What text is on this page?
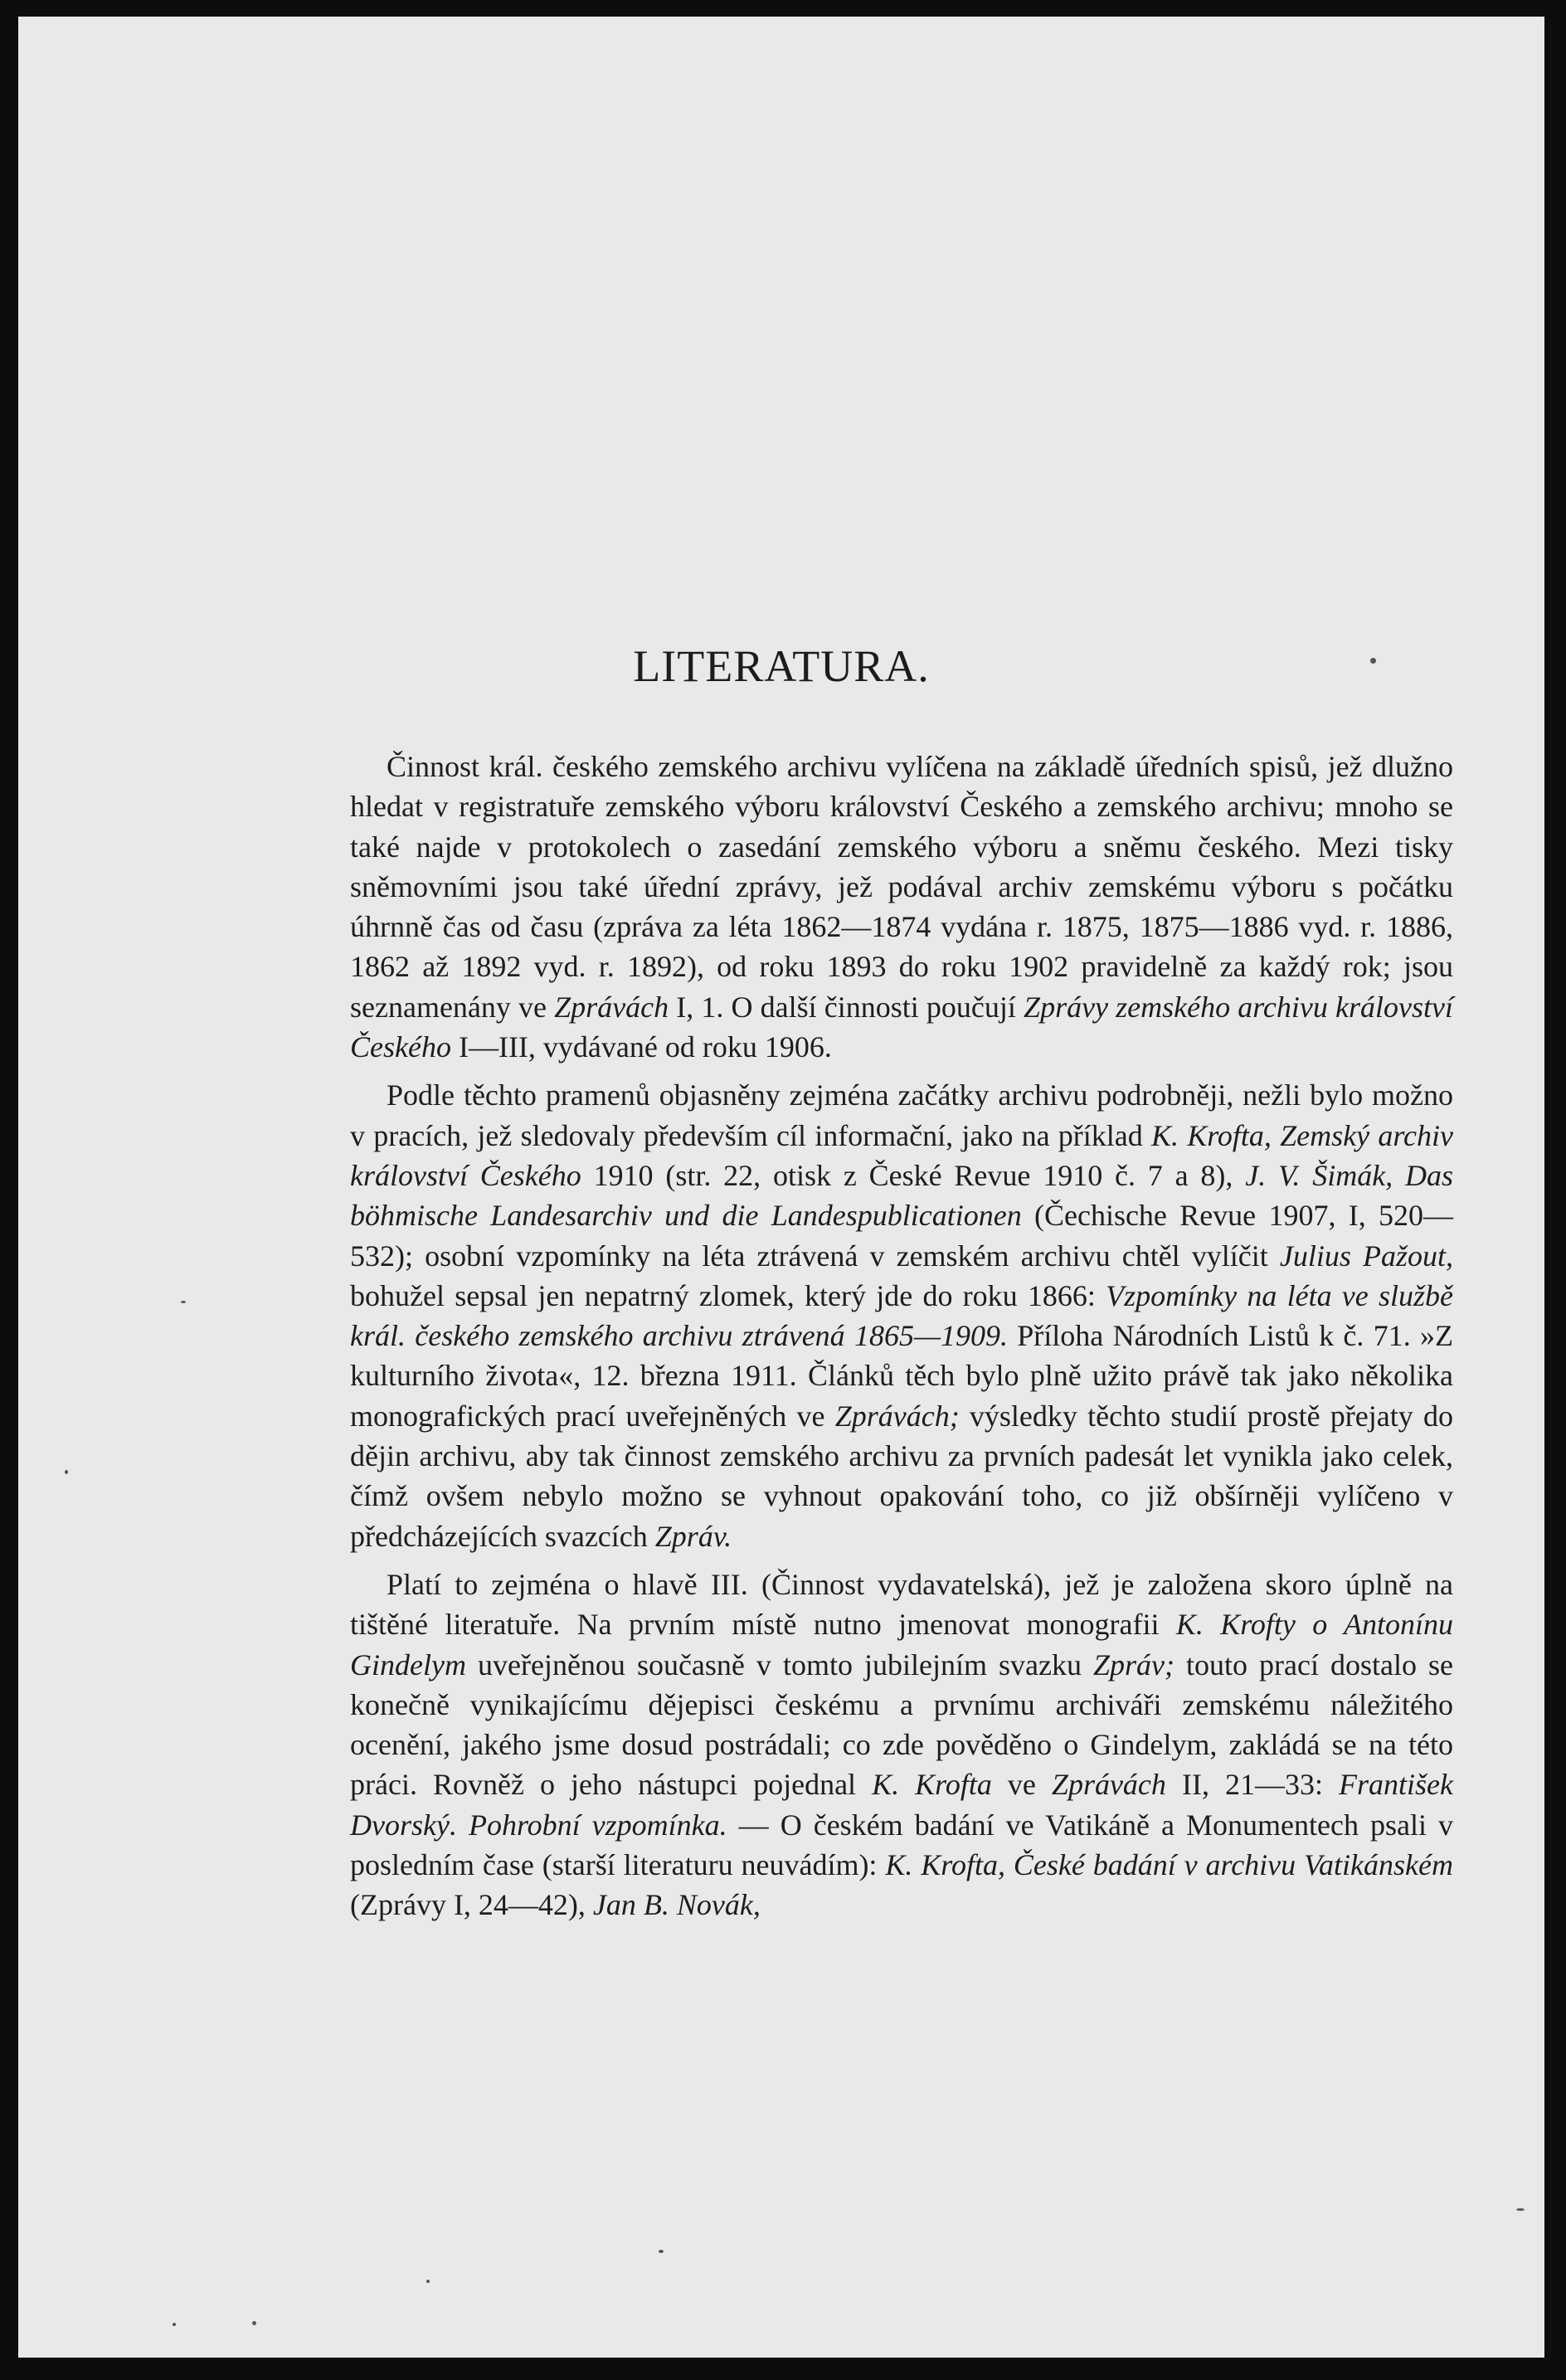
LITERATURA.

Činnost král. českého zemského archivu vylíčena na základě úředních spisů, jež dlužno hledat v registratuře zemského výboru království Českého a zemského archivu; mnoho se také najde v protokolech o zasedání zemského výboru a sněmu českého. Mezi tisky sněmovními jsou také úřední zprávy, jež podával archiv zemskému výboru s počátku úhrnně čas od času (zpráva za léta 1862—1874 vydána r. 1875, 1875—1886 vyd. r. 1886, 1862 až 1892 vyd. r. 1892), od roku 1893 do roku 1902 pravidelně za každý rok; jsou seznamenány ve Zprávách I, 1. O další činnosti poučují Zprávy zemského archivu království Českého I—III, vydávané od roku 1906.

Podle těchto pramenů objasněny zejména začátky archivu podrobněji, nežli bylo možno v pracích, jež sledovaly především cíl informační, jako na příklad K. Krofta, Zemský archiv království Českého 1910 (str. 22, otisk z České Revue 1910 č. 7 a 8), J. V. Šimák, Das böhmische Landesarchiv und die Landespublicationen (Čechische Revue 1907, I, 520—532); osobní vzpomínky na léta ztrávená v zemském archivu chtěl vylíčit Julius Pažout, bohužel sepsal jen nepatrný zlomek, který jde do roku 1866: Vzpomínky na léta ve službě král. českého zemského archivu ztrávená 1865—1909. Příloha Národních Listů k č. 71. »Z kulturního života«, 12. března 1911. Článků těch bylo plně užito právě tak jako několika monografických prací uveřejněných ve Zprávách; výsledky těchto studií prostě přejaty do dějin archivu, aby tak činnost zemského archivu za prvních padesát let vynikla jako celek, čímž ovšem nebylo možno se vyhnout opakování toho, co již obšírněji vylíčeno v předcházejících svazcích Zpráv.

Platí to zejména o hlavě III. (Činnost vydavatelská), jež je založena skoro úplně na tištěné literatuře. Na prvním místě nutno jmenovat monografii K. Krofty o Antonínu Gindelym uveřejněnou současně v tomto jubilejním svazku Zpráv; touto prací dostalo se konečně vynikajícímu dějepisci českému a prvnímu archiváři zemskému náležitého ocenění, jakého jsme dosud postrádali; co zde pověděno o Gindelym, zakládá se na této práci. Rovněž o jeho nástupci pojednal K. Krofta ve Zprávách II, 21—33: František Dvorský. Pohrobní vzpomínka. — O českém badání ve Vatikáně a Monumentech psali v posledním čase (starší literaturu neuvádím): K. Krofta, České badání v archivu Vatikánském (Zprávy I, 24—42), Jan B. Novák,
